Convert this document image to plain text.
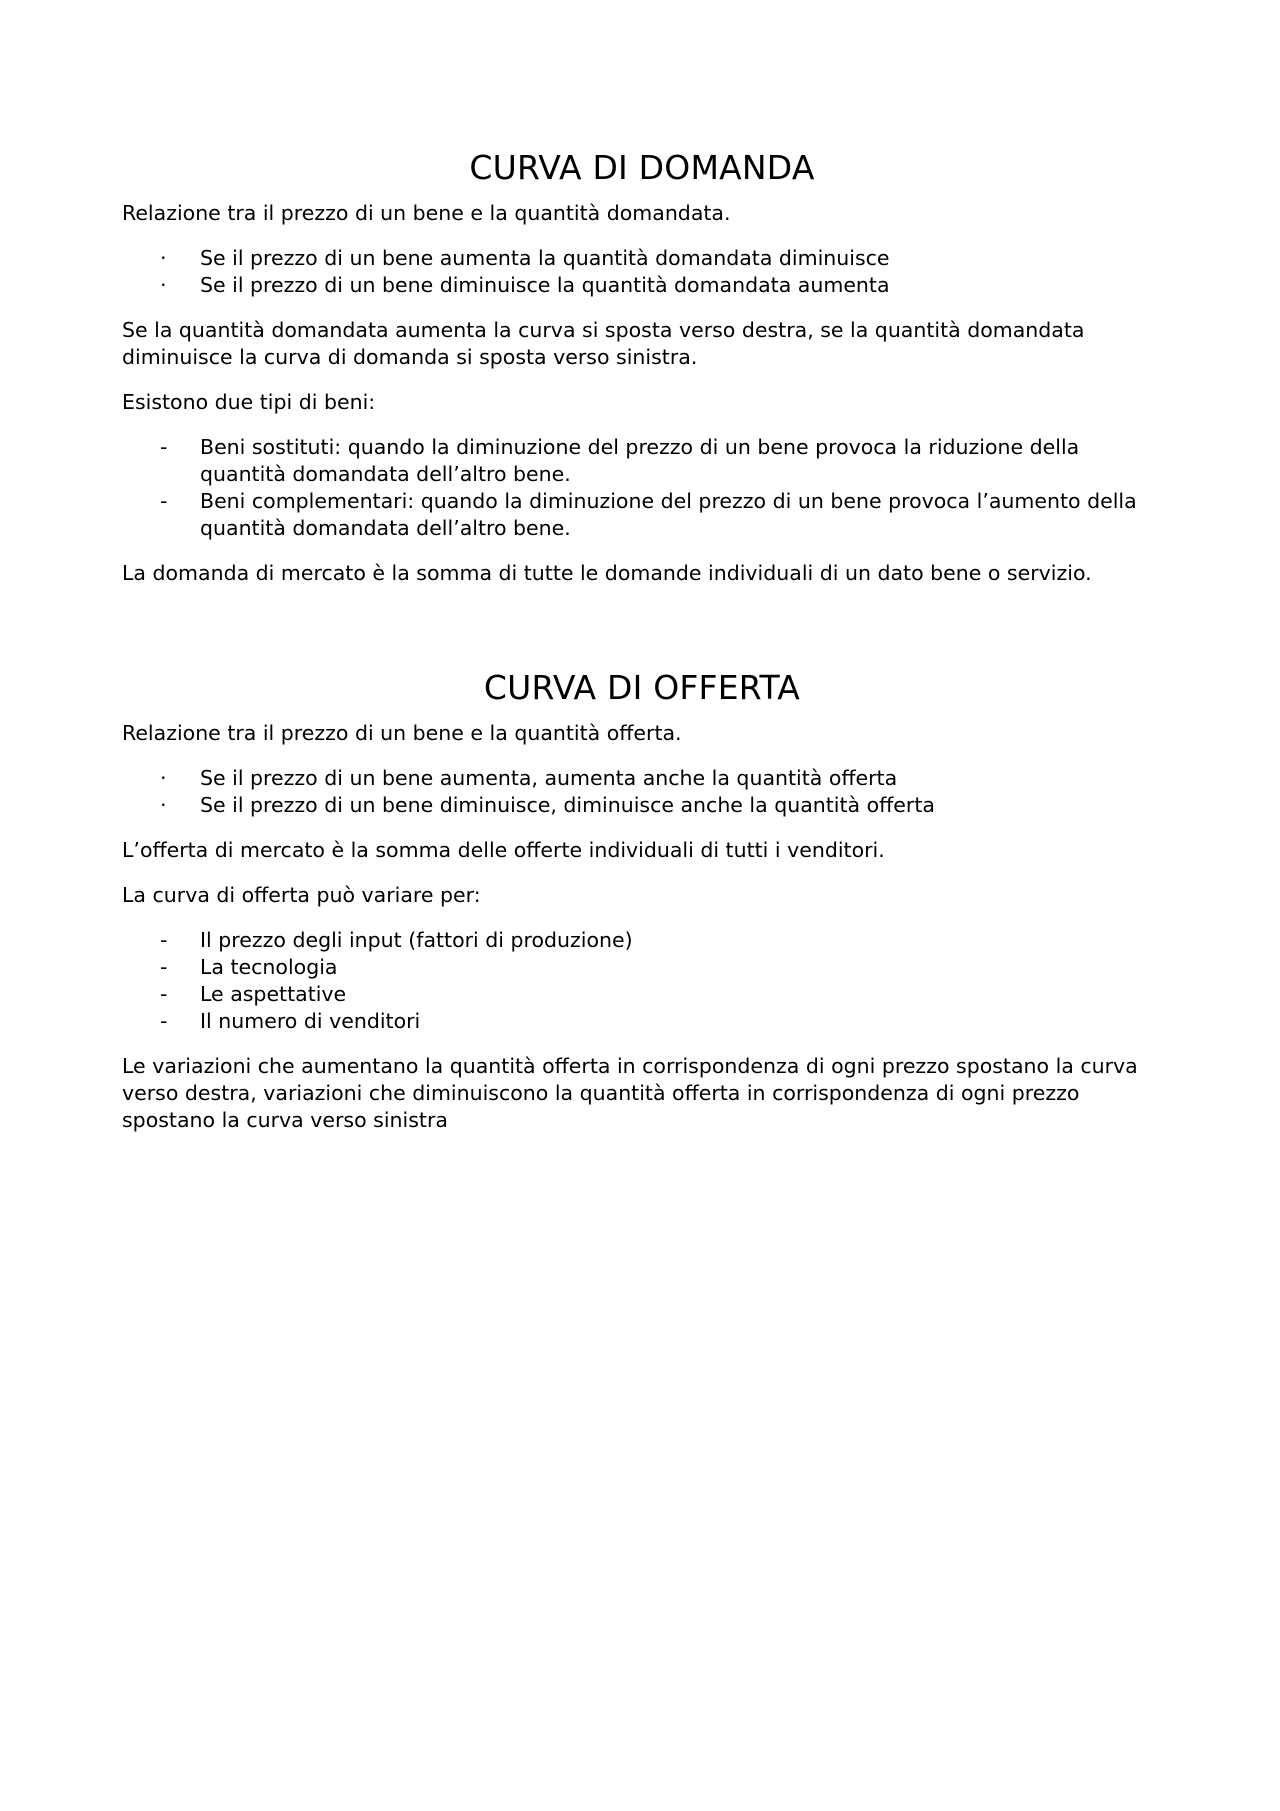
CURVA DI DOMANDA

Relazione tra il prezzo di un bene e la quantità domandata.

·	Se il prezzo di un bene aumenta la quantità domandata diminuisce
·	Se il prezzo di un bene diminuisce la quantità domandata aumenta

Se la quantità domandata aumenta la curva si sposta verso destra, se la quantità domandata diminuisce la curva di domanda si sposta verso sinistra.

Esistono due tipi di beni:

-	Beni sostituti: quando la diminuzione del prezzo di un bene provoca la riduzione della quantità domandata dell’altro bene.
-	Beni complementari: quando la diminuzione del prezzo di un bene provoca l’aumento della quantità domandata dell’altro bene.

La domanda di mercato è la somma di tutte le domande individuali di un dato bene o servizio.

CURVA DI OFFERTA

Relazione tra il prezzo di un bene e la quantità offerta.

·	Se il prezzo di un bene aumenta, aumenta anche la quantità offerta
·	Se il prezzo di un bene diminuisce, diminuisce anche la quantità offerta

L’offerta di mercato è la somma delle offerte individuali di tutti i venditori.

La curva di offerta può variare per:

-	Il prezzo degli input (fattori di produzione)
-	La tecnologia
-	Le aspettative
-	Il numero di venditori

Le variazioni che aumentano la quantità offerta in corrispondenza di ogni prezzo spostano la curva verso destra, variazioni che diminuiscono la quantità offerta in corrispondenza di ogni prezzo spostano la curva verso sinistra
